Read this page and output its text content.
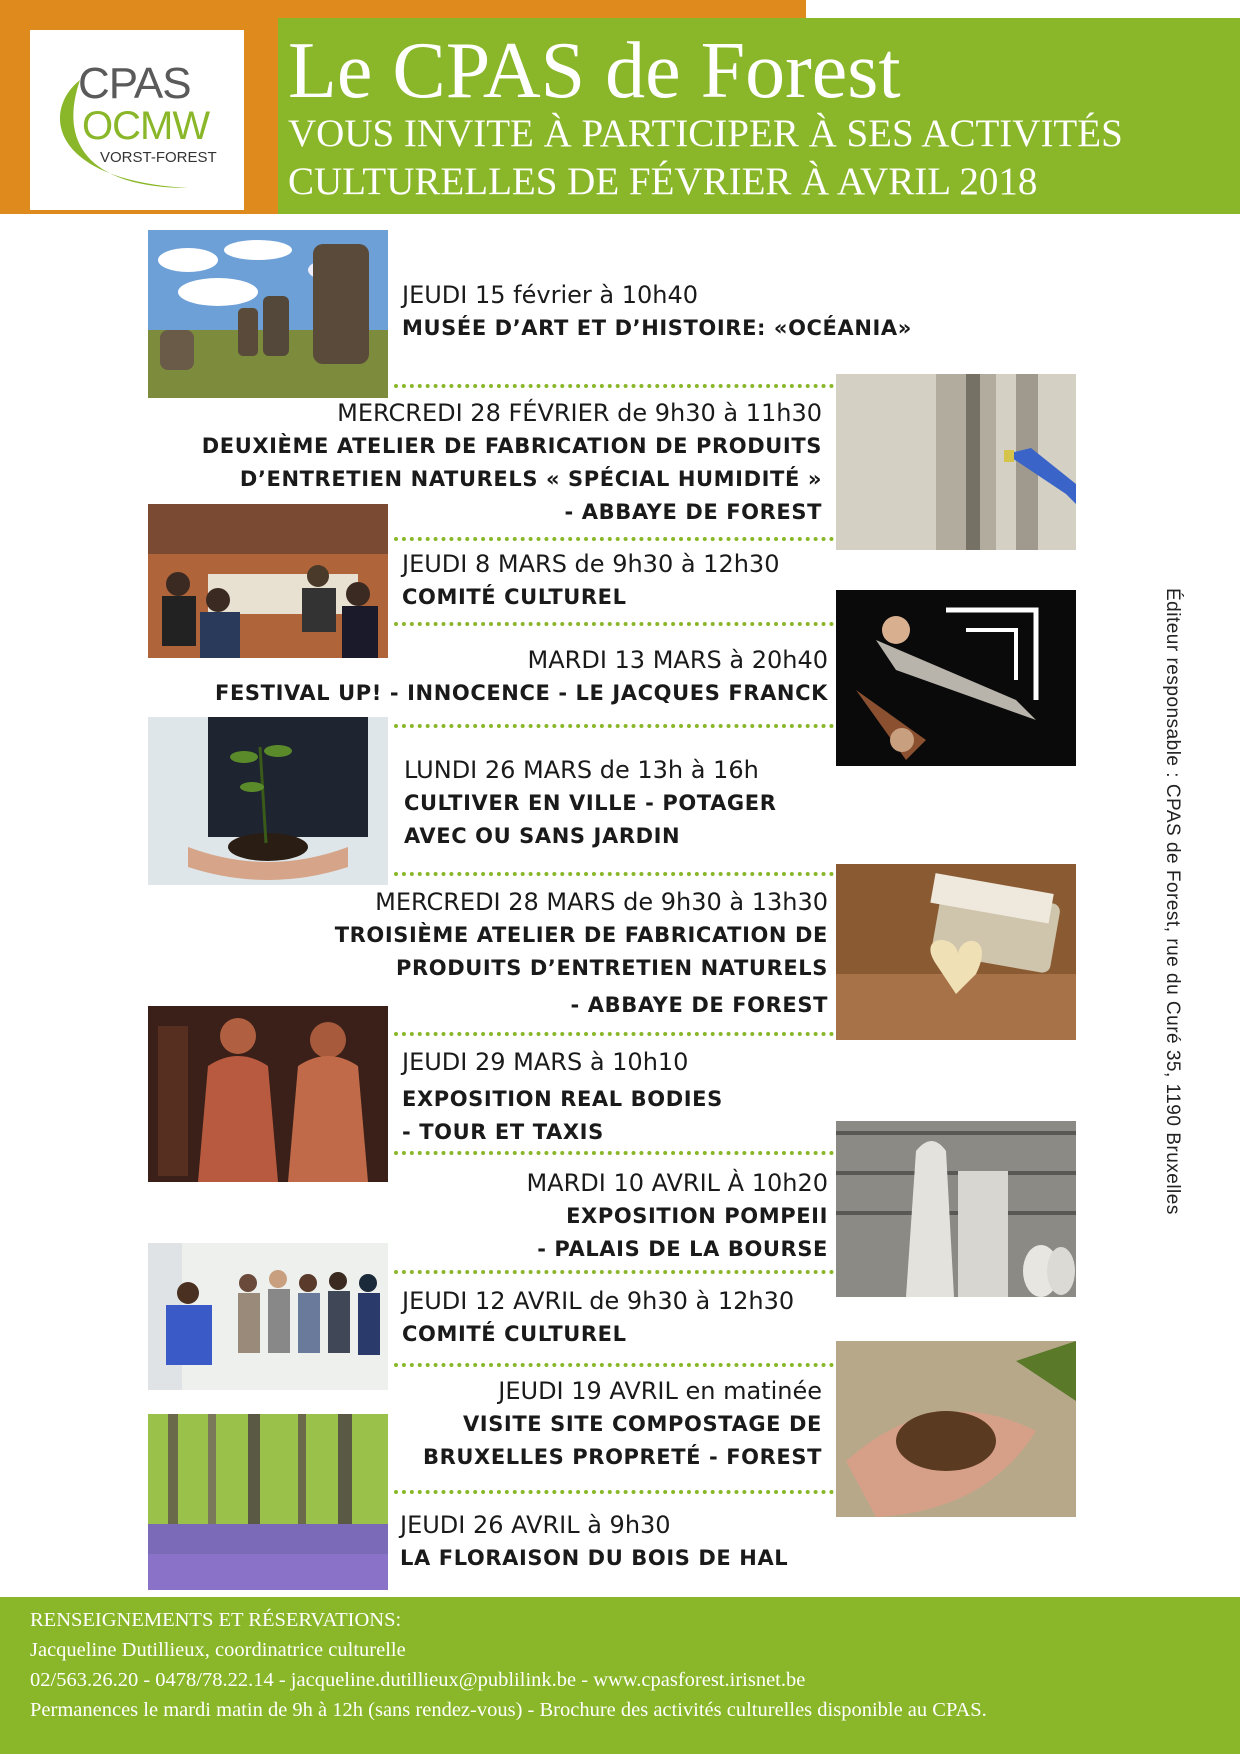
CPAS
OCMW
VORST-FOREST
Le CPAS de Forest
VOUS INVITE À PARTICIPER À SES ACTIVITÉS
CULTURELLES DE FÉVRIER À AVRIL 2018
JEUDI 15 février à 10h40
MUSÉE D’ART ET D’HISTOIRE: «OCÉANIA»
MERCREDI 28 FÉVRIER de 9h30 à 11h30
DEUXIÈME ATELIER DE FABRICATION DE PRODUITS
D’ENTRETIEN NATURELS « SPÉCIAL HUMIDITÉ »
- ABBAYE DE FOREST
JEUDI 8 MARS de 9h30 à 12h30
COMITÉ CULTUREL
MARDI 13 MARS à 20h40
FESTIVAL UP! - INNOCENCE - LE JACQUES FRANCK
LUNDI 26 MARS de 13h à 16h
CULTIVER EN VILLE - POTAGER
AVEC OU SANS JARDIN
MERCREDI 28 MARS de 9h30 à 13h30
TROISIÈME ATELIER DE FABRICATION DE
PRODUITS D’ENTRETIEN NATURELS
- ABBAYE DE FOREST
JEUDI 29 MARS à 10h10
EXPOSITION REAL BODIES
- TOUR ET TAXIS
MARDI 10 AVRIL À 10h20
EXPOSITION POMPEII
- PALAIS DE LA BOURSE
JEUDI 12 AVRIL de 9h30 à 12h30
COMITÉ CULTUREL
JEUDI 19 AVRIL en matinée
VISITE SITE COMPOSTAGE DE
BRUXELLES PROPRETÉ - FOREST
JEUDI 26 AVRIL à 9h30
LA FLORAISON DU BOIS DE HAL
Éditeur responsable : CPAS de Forest, rue du Curé 35, 1190 Bruxelles
RENSEIGNEMENTS ET RÉSERVATIONS:
Jacqueline Dutillieux, coordinatrice culturelle
02/563.26.20 - 0478/78.22.14 - jacqueline.dutillieux@publilink.be - www.cpasforest.irisnet.be
Permanences le mardi matin de 9h à 12h (sans rendez-vous) - Brochure des activités culturelles disponible au CPAS.
